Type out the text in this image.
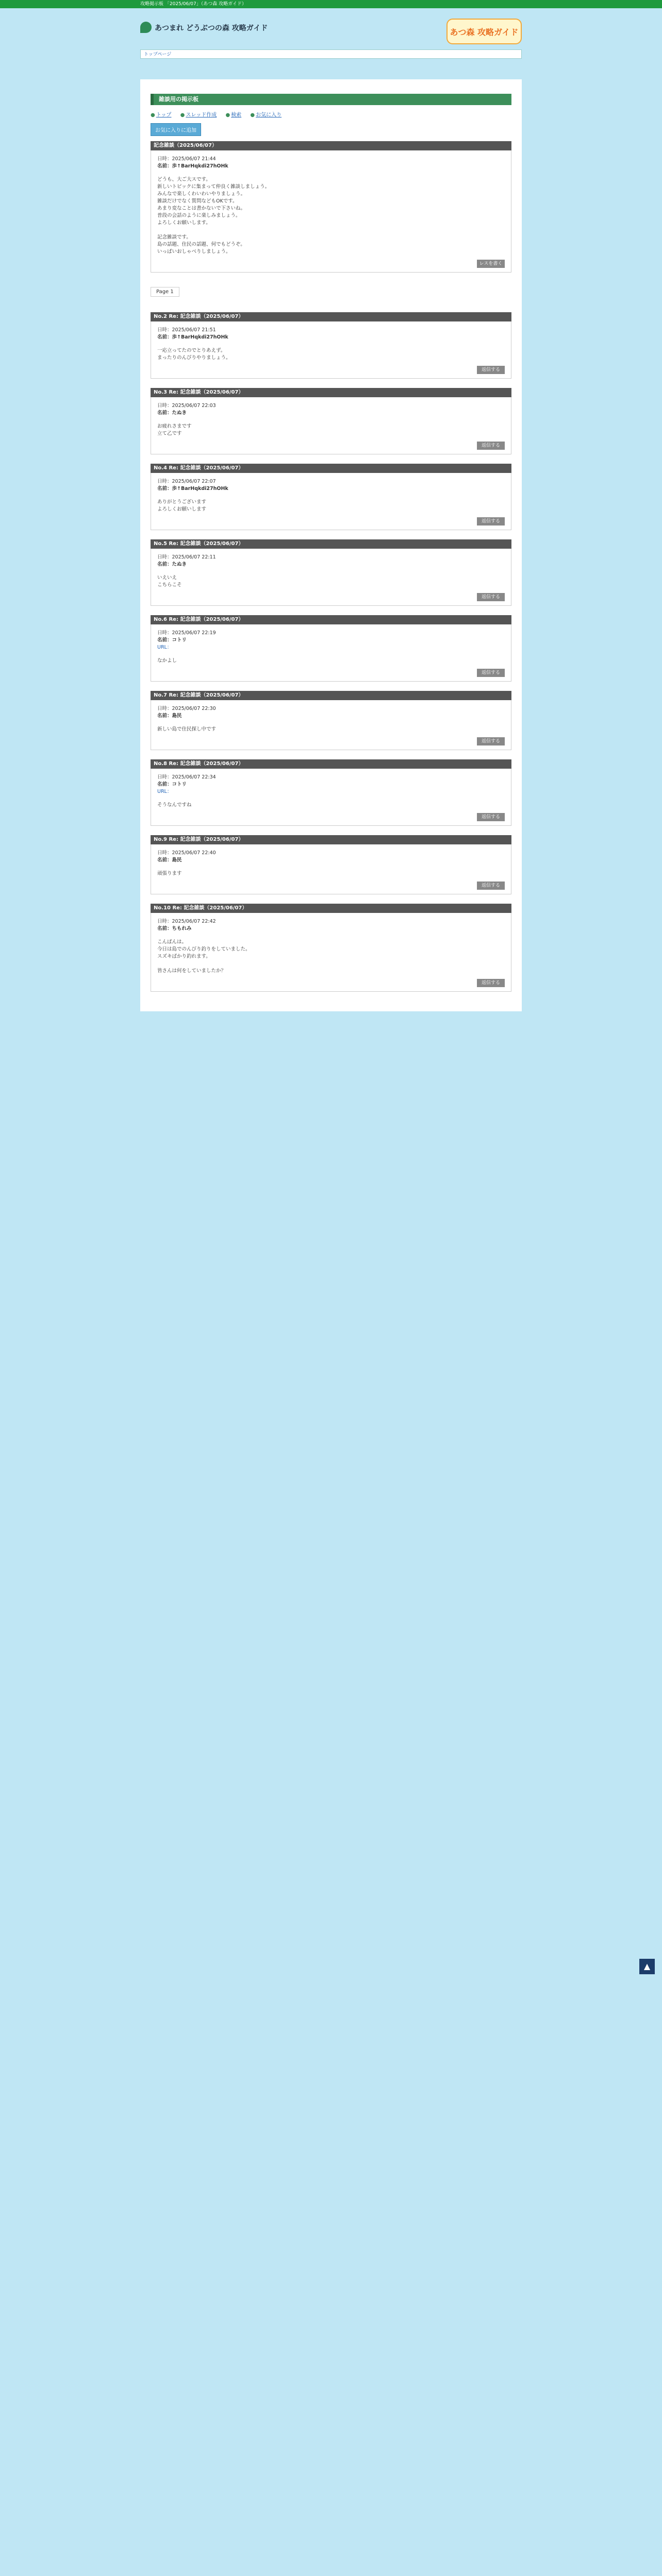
攻略掲示板 「2025/06/07」（あつ森 攻略ガイド）
あつまれ どうぶつの森 攻略ガイド	あつ森 攻略ガイド
トップページ
雑談用の掲示板
● トップ ● スレッド作成 ● 検索 ● お気に入り
お気に入りに追加
記念雑談（2025/06/07）
日時：2025/06/07 21:44
名前：歩↑BarHqkdi27hOHk
どうも、大ご大スです。
新しいトピックに集まって仲良く雑談しましょう。
みんなで楽しくわいわいやりましょう。
雑談だけでなく質問などもOKです。
あまり変なことは書かないで下さいね。
普段の会話のように楽しみましょう。
よろしくお願いします。

記念雑談です。
島の話題、住民の話題、何でもどうぞ。
いっぱいおしゃべりしましょう。
レスを書く
Page 1
No.2 Re: 記念雑談（2025/06/07）
日時：2025/06/07 21:51
名前：歩↑BarHqkdi27hOHk
一応立ってたのでとりあえず。
まったりのんびりやりましょう。
返信する
No.3 Re: 記念雑談（2025/06/07）
日時：2025/06/07 22:03
名前：たぬき
お疲れさまです
立て乙です
返信する
No.4 Re: 記念雑談（2025/06/07）
日時：2025/06/07 22:07
名前：歩↑BarHqkdi27hOHk
ありがとうございます
よろしくお願いします
返信する
No.5 Re: 記念雑談（2025/06/07）
日時：2025/06/07 22:11
名前：たぬき
いえいえ
こちらこそ
返信する
No.6 Re: 記念雑談（2025/06/07）
日時：2025/06/07 22:19
名前：コトリ
URL：
なかよし
返信する
No.7 Re: 記念雑談（2025/06/07）
日時：2025/06/07 22:30
名前：島民
新しい島で住民探し中です
返信する
No.8 Re: 記念雑談（2025/06/07）
日時：2025/06/07 22:34
名前：コトリ
URL：
そうなんですね
返信する
No.9 Re: 記念雑談（2025/06/07）
日時：2025/06/07 22:40
名前：島民
頑張ります
返信する
No.10 Re: 記念雑談（2025/06/07）
日時：2025/06/07 22:42
名前：ちもれみ
こんばんは。
今日は島でのんびり釣りをしていました。
スズキばかり釣れます。

皆さんは何をしていましたか？
返信する
▲
